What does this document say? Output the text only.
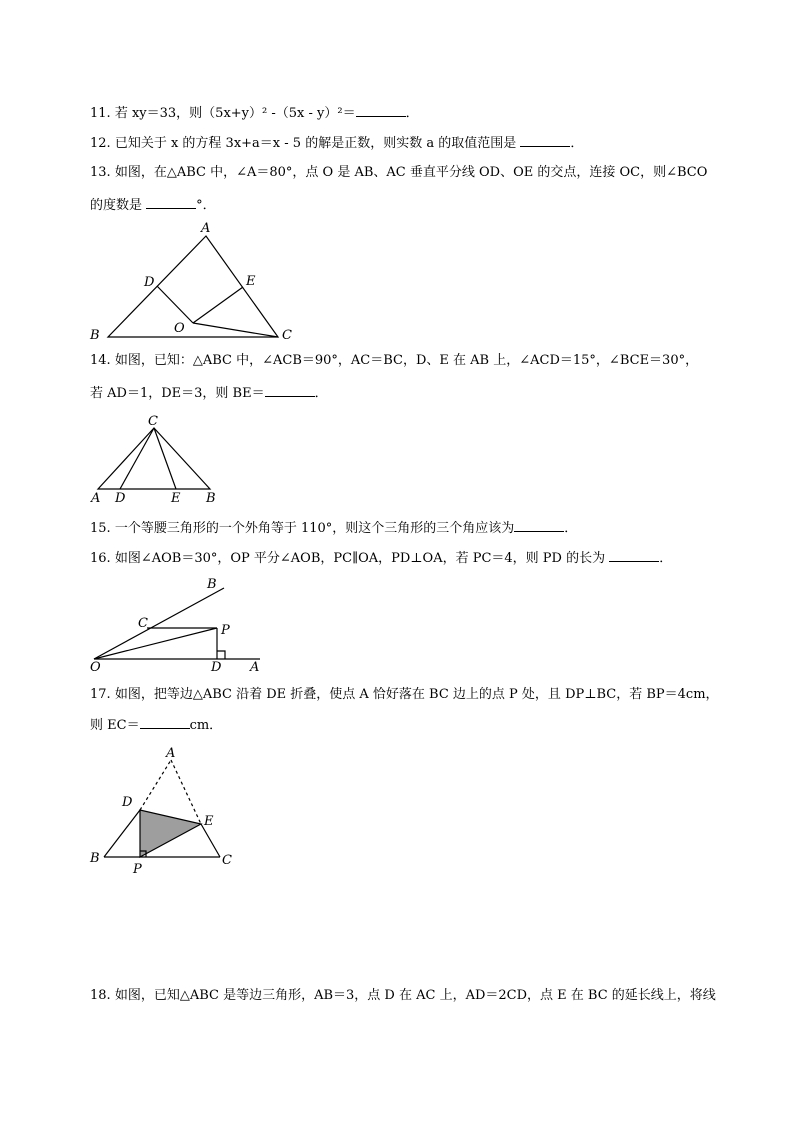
11. 若 xy＝33，则（5x+y）² -（5x - y）²＝	．
12. 已知关于 x 的方程 3x+a＝x - 5 的解是正数，则实数 a 的取值范围是	．
13. 如图，在△ABC 中，∠A＝80°，点 O 是 AB、AC 垂直平分线 OD、OE 的交点，连接 OC，则∠BCO
的度数是	°．
A
D	E
B	O	C
14. 如图，已知：△ABC 中，∠ACB＝90°，AC＝BC，D、E 在 AB 上，∠ACD＝15°，∠BCE＝30°，
若 AD＝1，DE＝3，则 BE＝	．
C
A D	E B
15. 一个等腰三角形的一个外角等于 110°，则这个三角形的三个角应该为	．
16. 如图∠AOB＝30°，OP 平分∠AOB，PC∥OA，PD⊥OA，若 PC＝4，则 PD 的长为	．
B
C	P
O	D A
17. 如图，把等边△ABC 沿着 DE 折叠，使点 A 恰好落在 BC 边上的点 P 处，且 DP⊥BC，若 BP＝4cm，
则 EC＝	cm．
A
D
E
B
P
C
18. 如图，已知△ABC 是等边三角形，AB＝3，点 D 在 AC 上，AD＝2CD，点 E 在 BC 的延长线上，将线
